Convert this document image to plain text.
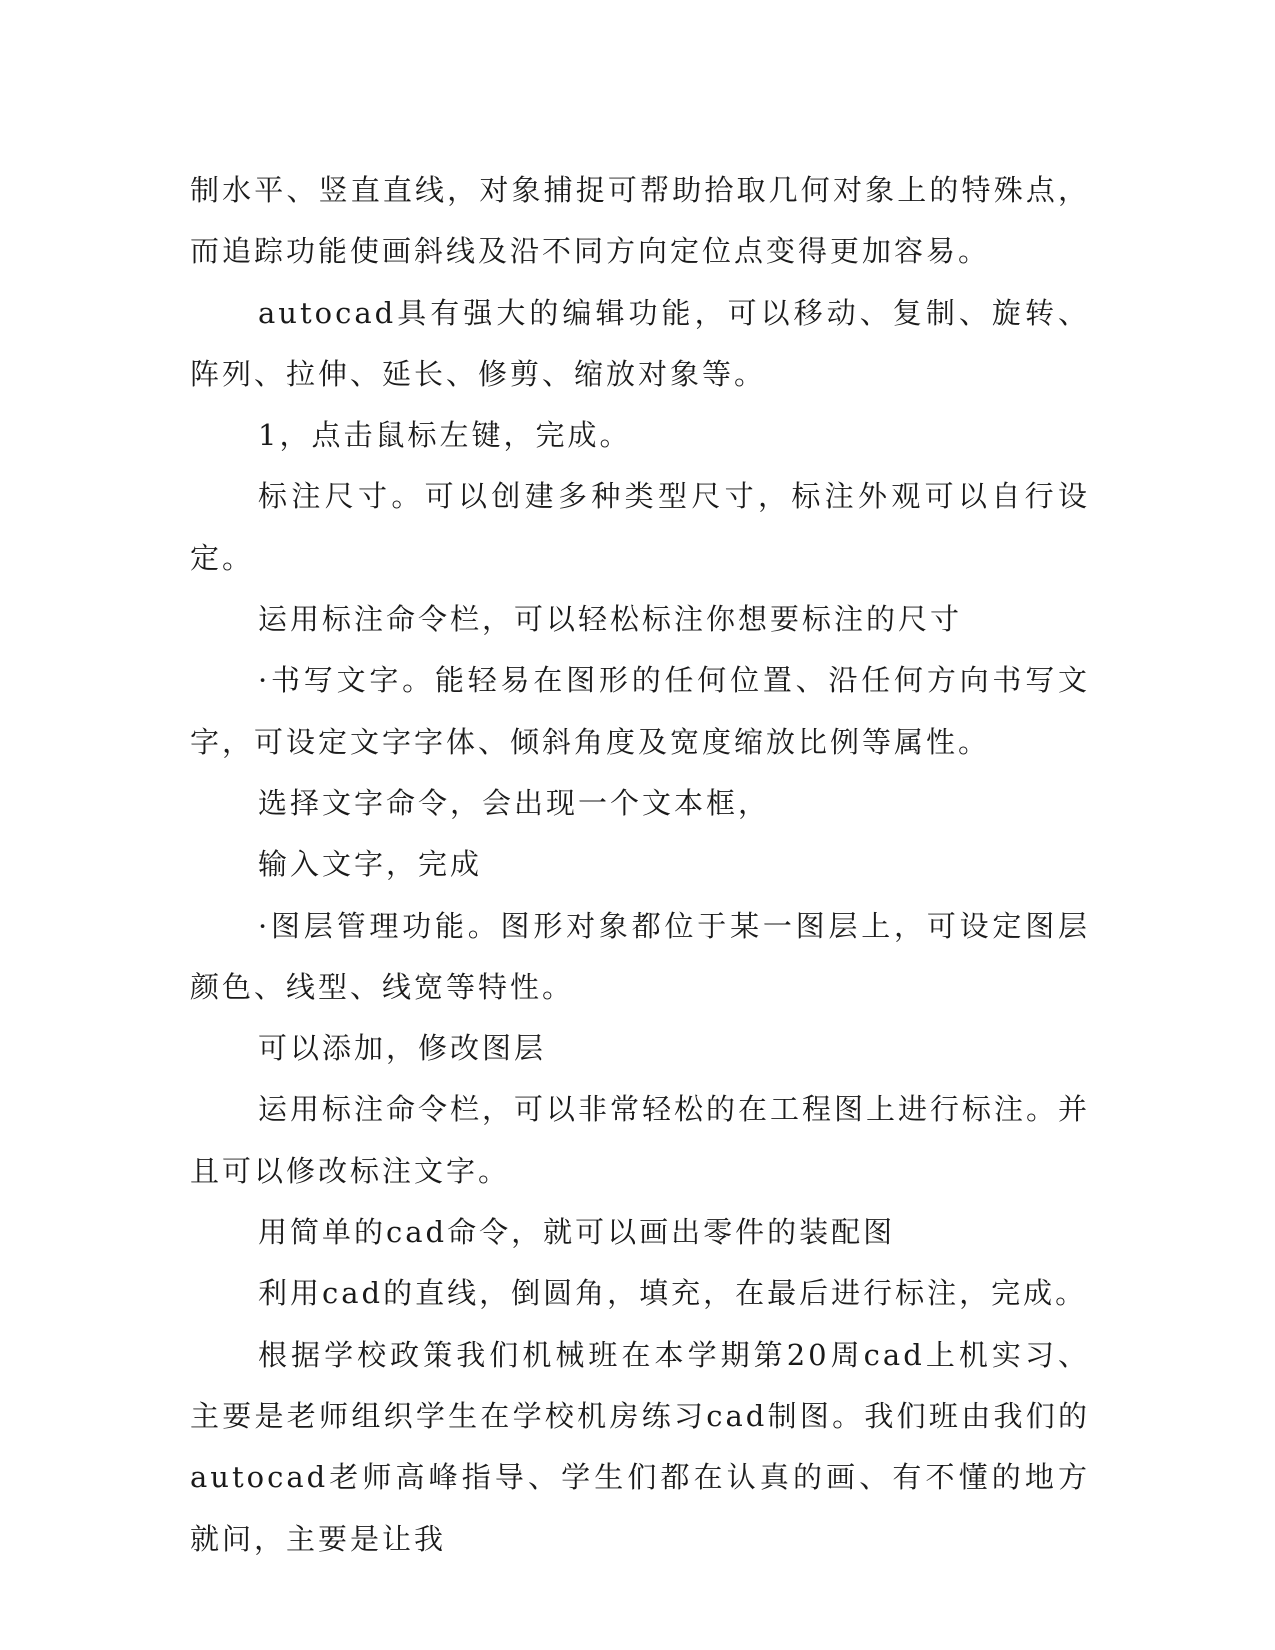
制水平、竖直直线，对象捕捉可帮助拾取几何对象上的特殊点，而追踪功能使画斜线及沿不同方向定位点变得更加容易。

autocad具有强大的编辑功能，可以移动、复制、旋转、阵列、拉伸、延长、修剪、缩放对象等。

1，点击鼠标左键，完成。

标注尺寸。可以创建多种类型尺寸，标注外观可以自行设定。

运用标注命令栏，可以轻松标注你想要标注的尺寸

·书写文字。能轻易在图形的任何位置、沿任何方向书写文字，可设定文字字体、倾斜角度及宽度缩放比例等属性。

选择文字命令，会出现一个文本框，

输入文字，完成

·图层管理功能。图形对象都位于某一图层上，可设定图层颜色、线型、线宽等特性。

可以添加，修改图层

运用标注命令栏，可以非常轻松的在工程图上进行标注。并且可以修改标注文字。

用简单的cad命令，就可以画出零件的装配图

利用cad的直线，倒圆角，填充，在最后进行标注，完成。

根据学校政策我们机械班在本学期第20周cad上机实习、主要是老师组织学生在学校机房练习cad制图。我们班由我们的autocad老师高峰指导、学生们都在认真的画、有不懂的地方就问，主要是让我
